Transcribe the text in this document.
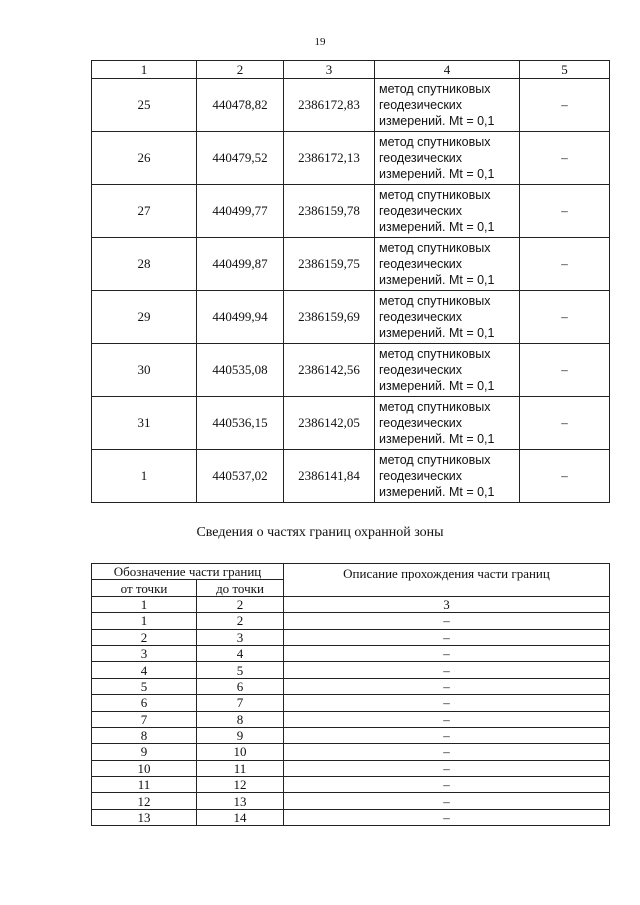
19
1	2	3	4	5
25	440478,82	2386172,83	метод спутниковых
геодезических
измерений. Mt = 0,1	–
26	440479,52	2386172,13	метод спутниковых
геодезических
измерений. Mt = 0,1	–
27	440499,77	2386159,78	метод спутниковых
геодезических
измерений. Mt = 0,1	–
28	440499,87	2386159,75	метод спутниковых
геодезических
измерений. Mt = 0,1	–
29	440499,94	2386159,69	метод спутниковых
геодезических
измерений. Mt = 0,1	–
30	440535,08	2386142,56	метод спутниковых
геодезических
измерений. Mt = 0,1	–
31	440536,15	2386142,05	метод спутниковых
геодезических
измерений. Mt = 0,1	–
1	440537,02	2386141,84	метод спутниковых
геодезических
измерений. Mt = 0,1	–
Сведения о частях границ охранной зоны
Обозначение части границ		Описание прохождения части границ
от точки	до точки	
1	2	3
1	2	–
2	3	–
3	4	–
4	5	–
5	6	–
6	7	–
7	8	–
8	9	–
9	10	–
10	11	–
11	12	–
12	13	–
13	14	–
